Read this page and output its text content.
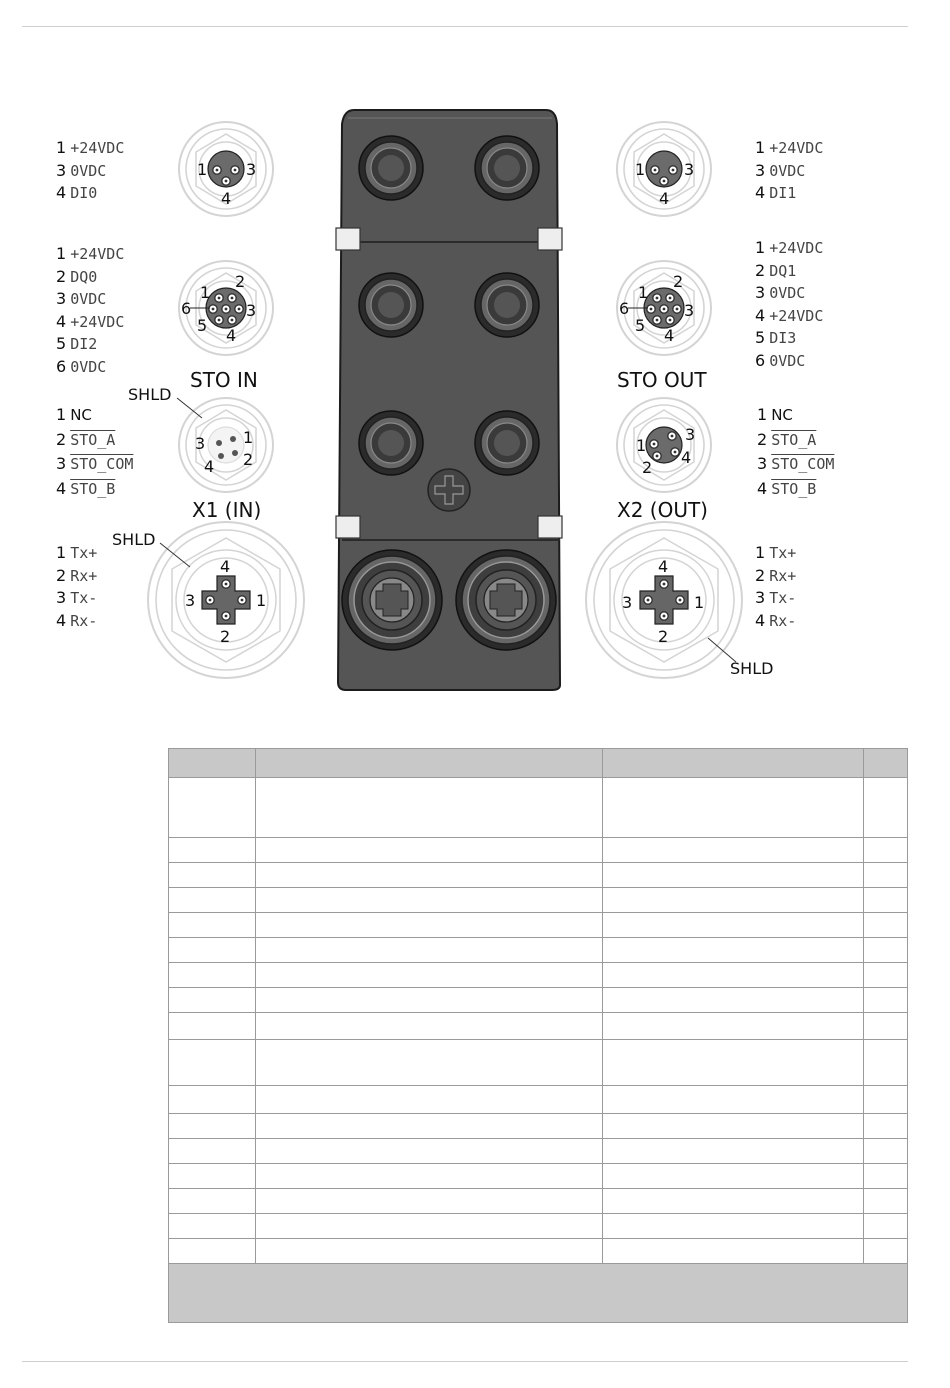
1 3
4
1 3
4
1
2
6	3
5
4
1
2
6	3
5
4
3 1
4 2
1
3
2
4
4
3	1
2
4
3	1
2
STO IN
X1 (IN)
STO OUT
X2 (OUT)
SHLD
SHLD
SHLD
1 +24VDC
3 0VDC
4 DI0
1 +24VDC
2 DQ0
3 0VDC
4 +24VDC
5 DI2
6 0VDC
1 NC
2 STO_A
3 STO_COM
4 STO_B
1 Tx+
2 Rx+
3 Tx-
4 Rx-
1 +24VDC
3 0VDC
4 DI1
1 +24VDC
2 DQ1
3 0VDC
4 +24VDC
5 DI3
6 0VDC
1 NC
2 STO_A
3 STO_COM
4 STO_B
1 Tx+
2 Rx+
3 Tx-
4 Rx-
